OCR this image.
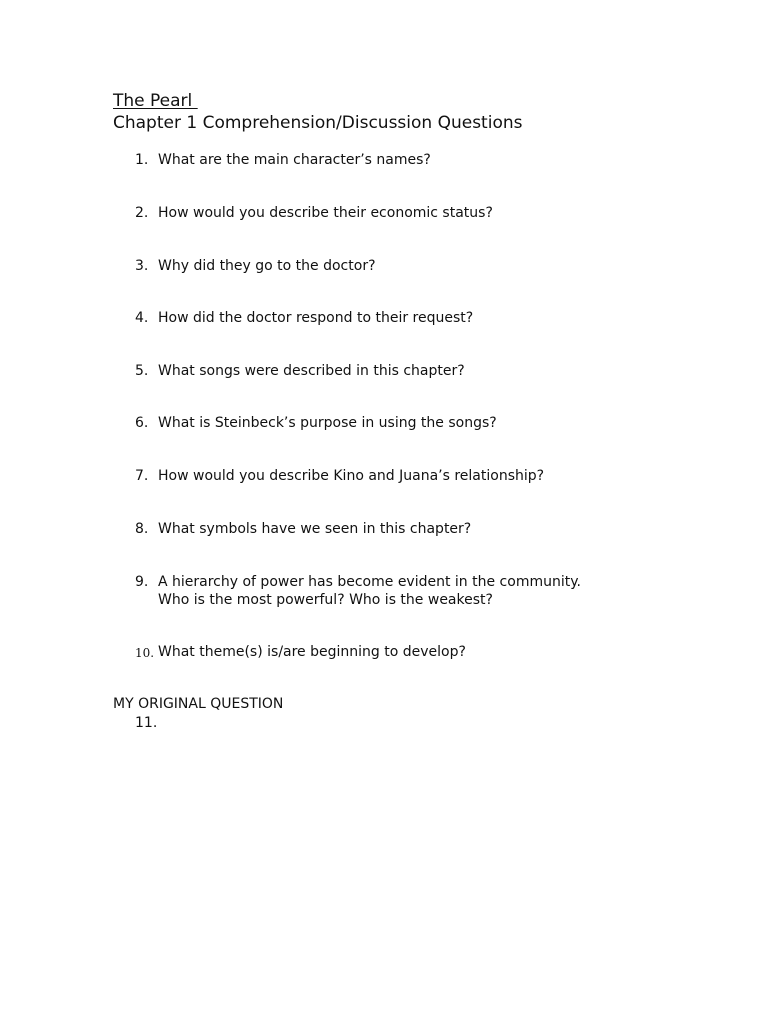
The Pearl
Chapter 1 Comprehension/Discussion Questions
1. What are the main character’s names?
2. How would you describe their economic status?
3. Why did they go to the doctor?
4. How did the doctor respond to their request?
5. What songs were described in this chapter?
6. What is Steinbeck’s purpose in using the songs?
7. How would you describe Kino and Juana’s relationship?
8. What symbols have we seen in this chapter?
9. A hierarchy of power has become evident in the community.
Who is the most powerful? Who is the weakest?
10. What theme(s) is/are beginning to develop?
MY ORIGINAL QUESTION
11.
